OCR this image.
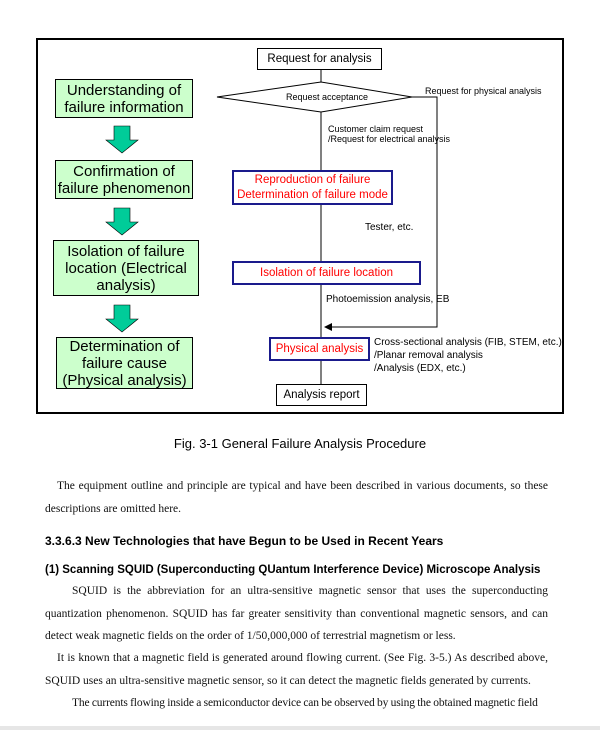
Understanding of failure information
Confirmation of failure phenomenon
Isolation of failure location (Electrical analysis)
Determination of failure cause (Physical analysis)
Request for analysis
Request acceptance
Request for physical analysis
Customer claim request
/Request for electrical analysis
Reproduction of failure
Determination of failure mode
Tester, etc.
Isolation of failure location
Photoemission analysis, EB
Physical analysis	Cross-sectional analysis (FIB, STEM, etc.)
/Planar removal analysis
/Analysis (EDX, etc.)
Analysis report
Fig. 3-1 General Failure Analysis Procedure
The equipment outline and principle are typical and have been described in various documents, so these descriptions are omitted here.
3.3.6.3 New Technologies that have Begun to be Used in Recent Years
(1) Scanning SQUID (Superconducting QUantum Interference Device) Microscope Analysis
SQUID is the abbreviation for an ultra-sensitive magnetic sensor that uses the superconducting quantization phenomenon. SQUID has far greater sensitivity than conventional magnetic sensors, and can detect weak magnetic fields on the order of 1/50,000,000 of terrestrial magnetism or less.
It is known that a magnetic field is generated around flowing current. (See Fig. 3-5.) As described above, SQUID uses an ultra-sensitive magnetic sensor, so it can detect the magnetic fields generated by currents.
The currents flowing inside a semiconductor device can be observed by using the obtained magnetic field
